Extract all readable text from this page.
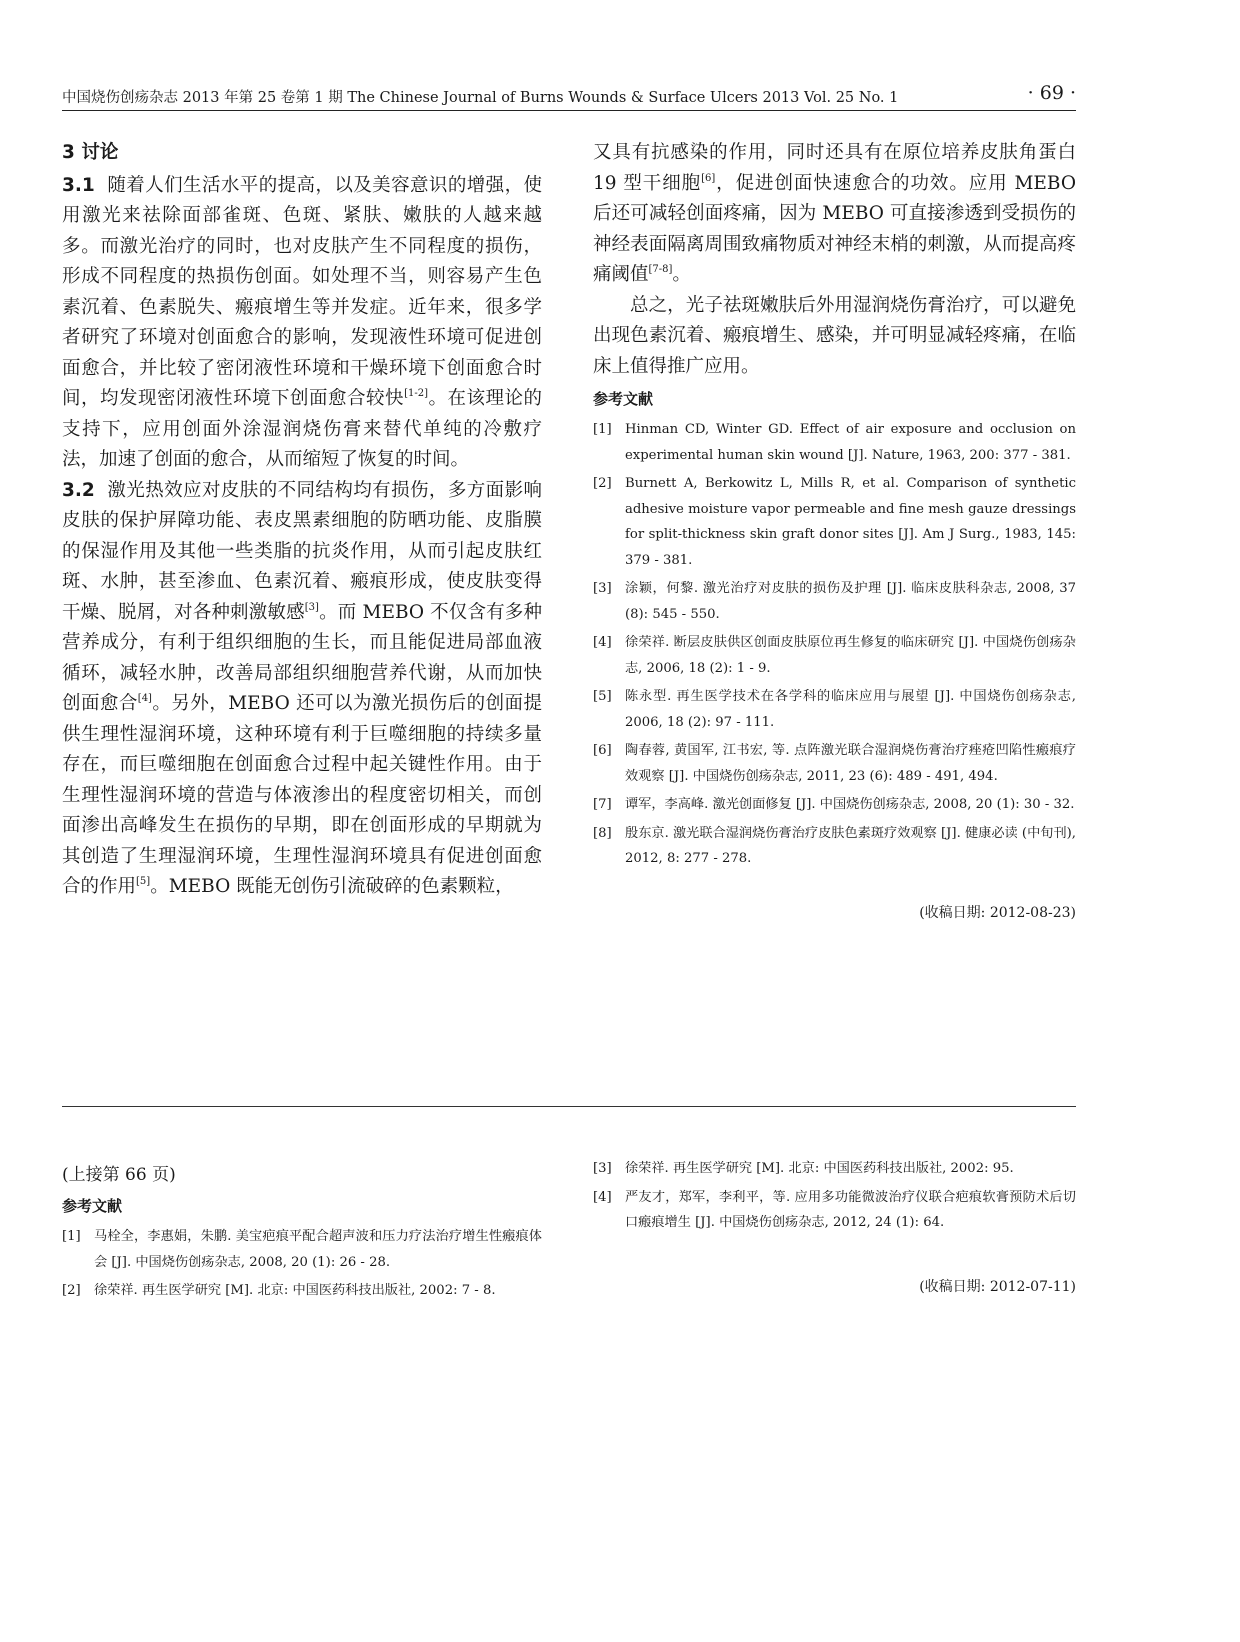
中国烧伤创疡杂志 2013 年第 25 卷第 1 期 The Chinese Journal of Burns Wounds & Surface Ulcers 2013 Vol. 25 No. 1	· 69 ·
3 讨论

3.1 随着人们生活水平的提高，以及美容意识的增强，使用激光来祛除面部雀斑、色斑、紧肤、嫩肤的人越来越多。而激光治疗的同时，也对皮肤产生不同程度的损伤，形成不同程度的热损伤创面。如处理不当，则容易产生色素沉着、色素脱失、瘢痕增生等并发症。近年来，很多学者研究了环境对创面愈合的影响，发现液性环境可促进创面愈合，并比较了密闭液性环境和干燥环境下创面愈合时间，均发现密闭液性环境下创面愈合较快[1-2]。在该理论的支持下，应用创面外涂湿润烧伤膏来替代单纯的冷敷疗法，加速了创面的愈合，从而缩短了恢复的时间。

3.2 激光热效应对皮肤的不同结构均有损伤，多方面影响皮肤的保护屏障功能、表皮黑素细胞的防晒功能、皮脂膜的保湿作用及其他一些类脂的抗炎作用，从而引起皮肤红斑、水肿，甚至渗血、色素沉着、瘢痕形成，使皮肤变得干燥、脱屑，对各种刺激敏感[3]。而 MEBO 不仅含有多种营养成分，有利于组织细胞的生长，而且能促进局部血液循环，减轻水肿，改善局部组织细胞营养代谢，从而加快创面愈合[4]。另外，MEBO 还可以为激光损伤后的创面提供生理性湿润环境，这种环境有利于巨噬细胞的持续多量存在，而巨噬细胞在创面愈合过程中起关键性作用。由于生理性湿润环境的营造与体液渗出的程度密切相关，而创面渗出高峰发生在损伤的早期，即在创面形成的早期就为其创造了生理湿润环境，生理性湿润环境具有促进创面愈合的作用[5]。MEBO 既能无创伤引流破碎的色素颗粒，

又具有抗感染的作用，同时还具有在原位培养皮肤角蛋白 19 型干细胞[6]，促进创面快速愈合的功效。应用 MEBO 后还可减轻创面疼痛，因为 MEBO 可直接渗透到受损伤的神经表面隔离周围致痛物质对神经末梢的刺激，从而提高疼痛阈值[7-8]。

总之，光子祛斑嫩肤后外用湿润烧伤膏治疗，可以避免出现色素沉着、瘢痕增生、感染，并可明显减轻疼痛，在临床上值得推广应用。

参考文献
[1]	Hinman CD, Winter GD. Effect of air exposure and occlusion on experimental human skin wound [J]. Nature, 1963, 200: 377 - 381.
[2]	Burnett A, Berkowitz L, Mills R, et al. Comparison of synthetic adhesive moisture vapor permeable and fine mesh gauze dressings for split-thickness skin graft donor sites [J]. Am J Surg., 1983, 145: 379 - 381.
[3]	涂颖，何黎. 激光治疗对皮肤的损伤及护理 [J]. 临床皮肤科杂志, 2008, 37 (8): 545 - 550.
[4]	徐荣祥. 断层皮肤供区创面皮肤原位再生修复的临床研究 [J]. 中国烧伤创疡杂志, 2006, 18 (2): 1 - 9.
[5]	陈永型. 再生医学技术在各学科的临床应用与展望 [J]. 中国烧伤创疡杂志, 2006, 18 (2): 97 - 111.
[6]	陶春蓉, 黄国军, 江书宏, 等. 点阵激光联合湿润烧伤膏治疗痤疮凹陷性瘢痕疗效观察 [J]. 中国烧伤创疡杂志, 2011, 23 (6): 489 - 491, 494.
[7]	谭军，李高峰. 激光创面修复 [J]. 中国烧伤创疡杂志, 2008, 20 (1): 30 - 32.
[8]	殷东京. 激光联合湿润烧伤膏治疗皮肤色素斑疗效观察 [J]. 健康必读 (中旬刊), 2012, 8: 277 - 278.
(收稿日期: 2012-08-23)
(上接第 66 页)
参考文献
[1]	马栓全，李惠娟，朱鹏. 美宝疤痕平配合超声波和压力疗法治疗增生性瘢痕体会 [J]. 中国烧伤创疡杂志, 2008, 20 (1): 26 - 28.
[2]	徐荣祥. 再生医学研究 [M]. 北京: 中国医药科技出版社, 2002: 7 - 8.
[3]	徐荣祥. 再生医学研究 [M]. 北京: 中国医药科技出版社, 2002: 95.
[4]	严友才，郑军，李利平，等. 应用多功能微波治疗仪联合疤痕软膏预防术后切口瘢痕增生 [J]. 中国烧伤创疡杂志, 2012, 24 (1): 64.
(收稿日期: 2012-07-11)
